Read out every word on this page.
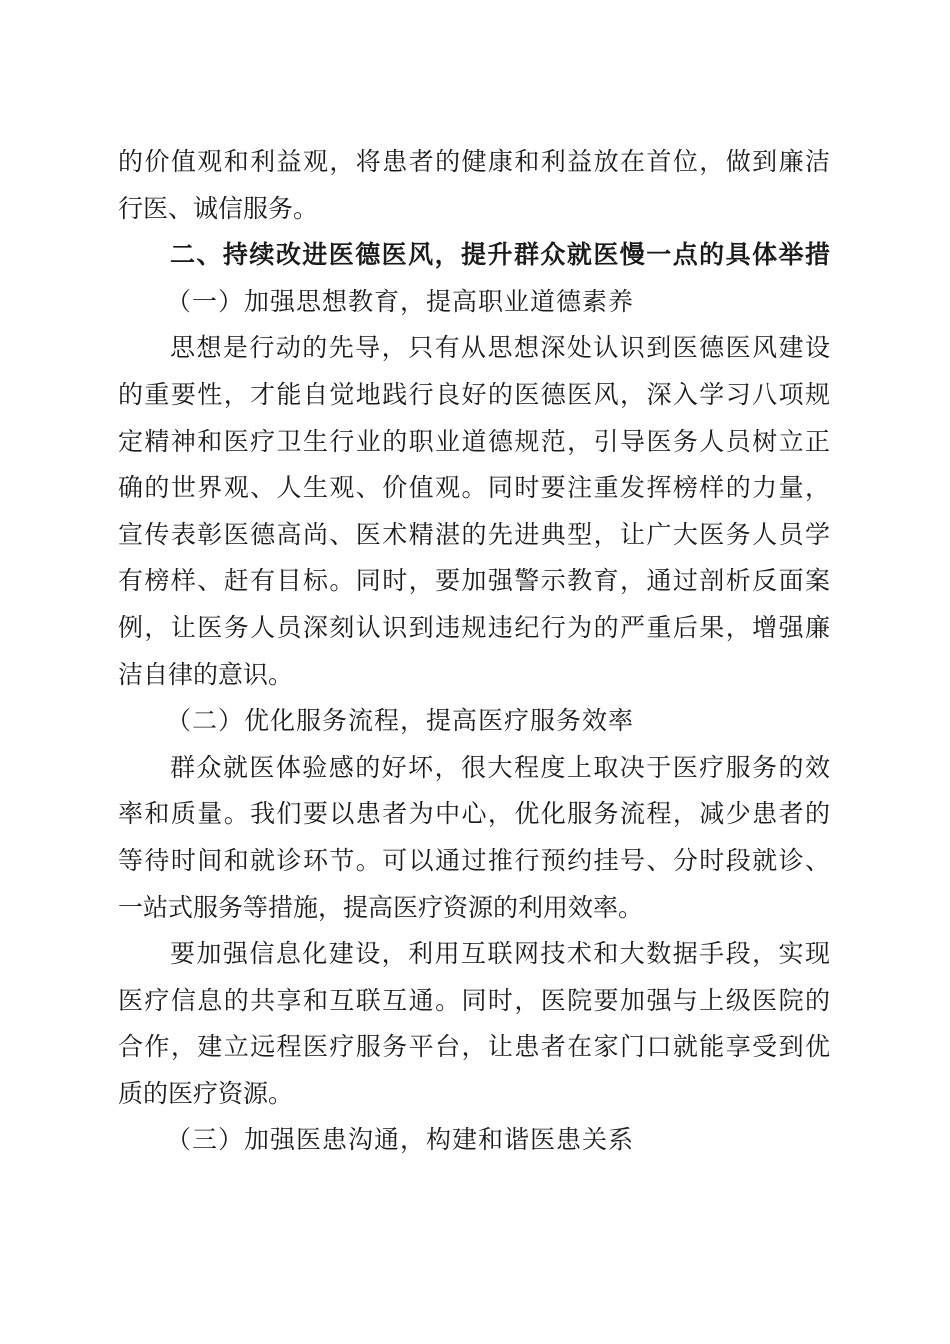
的价值观和利益观，将患者的健康和利益放在首位，做到廉洁
行医、诚信服务。
二、持续改进医德医风，提升群众就医慢一点的具体举措
（一）加强思想教育，提高职业道德素养
思想是行动的先导，只有从思想深处认识到医德医风建设
的重要性，才能自觉地践行良好的医德医风，深入学习八项规
定精神和医疗卫生行业的职业道德规范，引导医务人员树立正
确的世界观、人生观、价值观。同时要注重发挥榜样的力量，
宣传表彰医德高尚、医术精湛的先进典型，让广大医务人员学
有榜样、赶有目标。同时，要加强警示教育，通过剖析反面案
例，让医务人员深刻认识到违规违纪行为的严重后果，增强廉
洁自律的意识。
（二）优化服务流程，提高医疗服务效率
群众就医体验感的好坏，很大程度上取决于医疗服务的效
率和质量。我们要以患者为中心，优化服务流程，减少患者的
等待时间和就诊环节。可以通过推行预约挂号、分时段就诊、
一站式服务等措施，提高医疗资源的利用效率。
要加强信息化建设，利用互联网技术和大数据手段，实现
医疗信息的共享和互联互通。同时，医院要加强与上级医院的
合作，建立远程医疗服务平台，让患者在家门口就能享受到优
质的医疗资源。
（三）加强医患沟通，构建和谐医患关系
